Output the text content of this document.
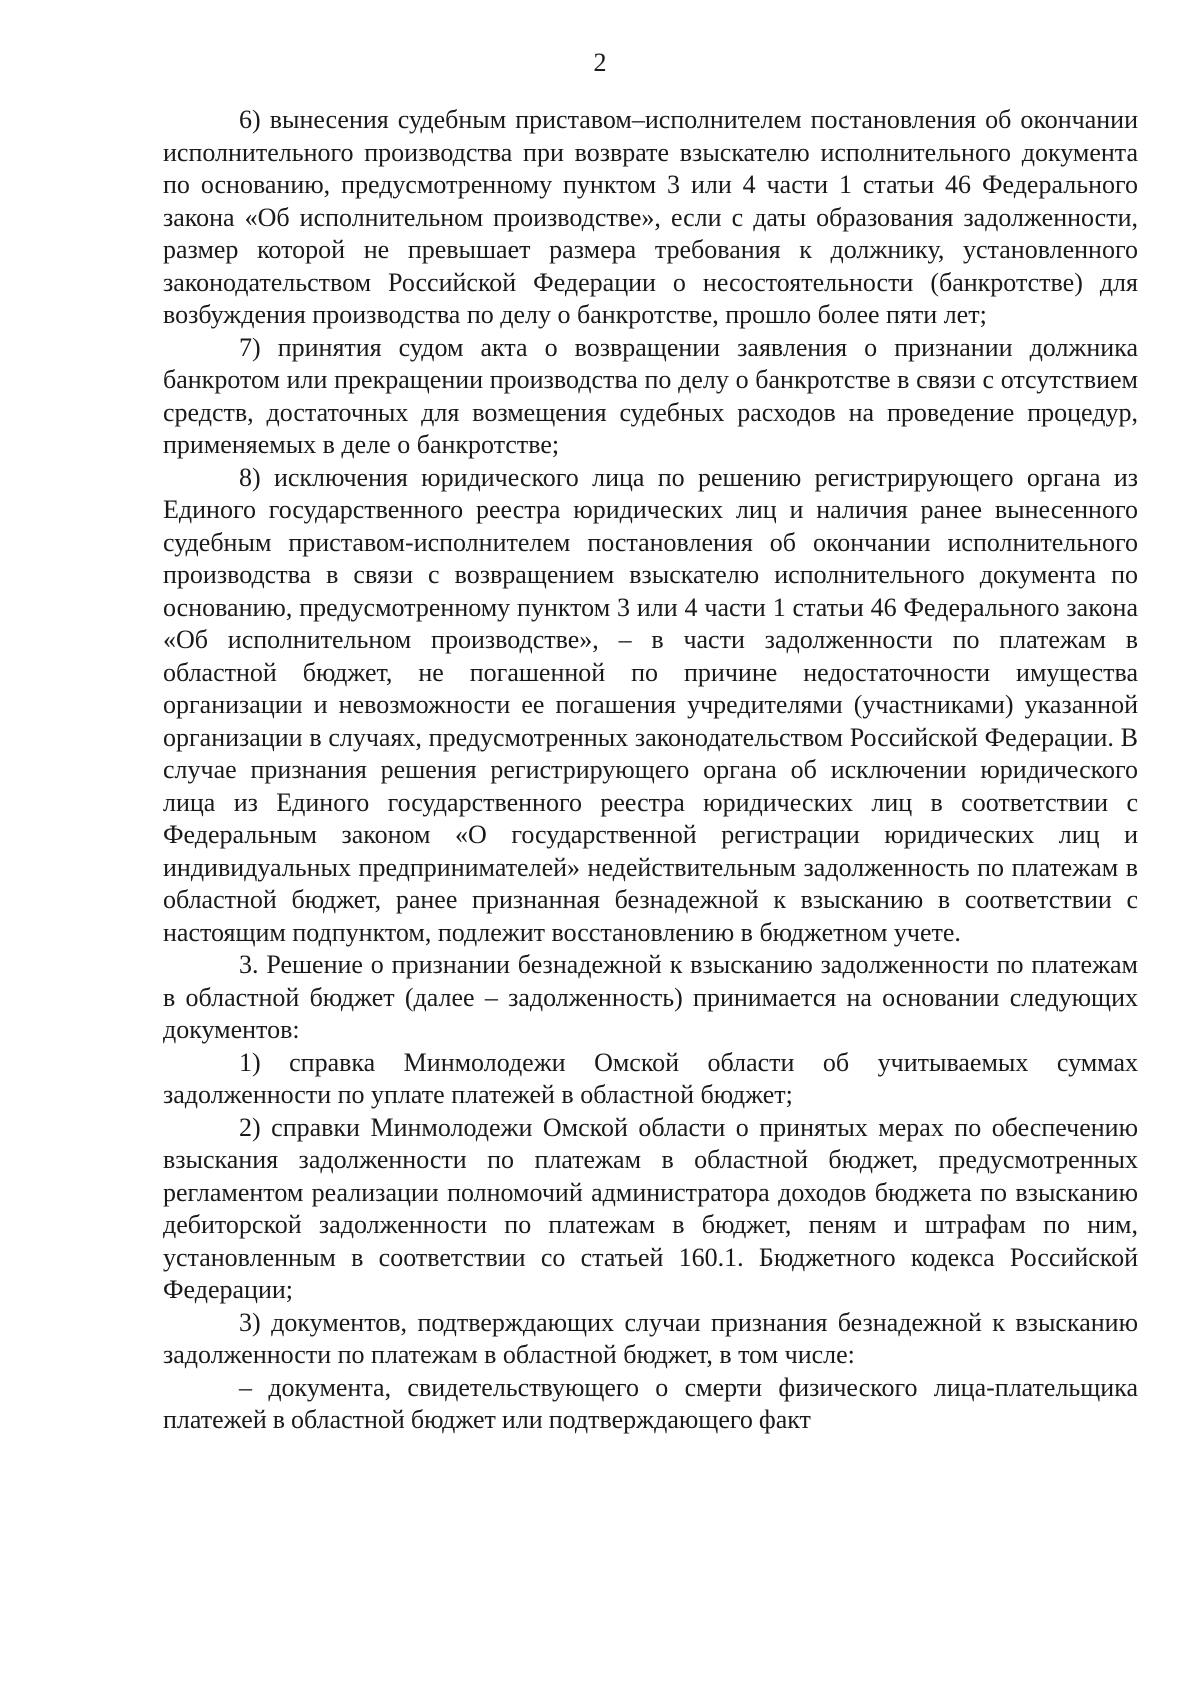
2

6) вынесения судебным приставом–исполнителем постановления об окончании исполнительного производства при возврате взыскателю исполнительного документа по основанию, предусмотренному пунктом 3 или 4 части 1 статьи 46 Федерального закона «Об исполнительном производстве», если с даты образования задолженности, размер которой не превышает размера требования к должнику, установленного законодательством Российской Федерации о несостоятельности (банкротстве) для возбуждения производства по делу о банкротстве, прошло более пяти лет;

7) принятия судом акта о возвращении заявления о признании должника банкротом или прекращении производства по делу о банкротстве в связи с отсутствием средств, достаточных для возмещения судебных расходов на проведение процедур, применяемых в деле о банкротстве;

8) исключения юридического лица по решению регистрирующего органа из Единого государственного реестра юридических лиц и наличия ранее вынесенного судебным приставом-исполнителем постановления об окончании исполнительного производства в связи с возвращением взыскателю исполнительного документа по основанию, предусмотренному пунктом 3 или 4 части 1 статьи 46 Федерального закона «Об исполнительном производстве», – в части задолженности по платежам в областной бюджет, не погашенной по причине недостаточности имущества организации и невозможности ее погашения учредителями (участниками) указанной организации в случаях, предусмотренных законодательством Российской Федерации. В случае признания решения регистрирующего органа об исключении юридического лица из Единого государственного реестра юридических лиц в соответствии с Федеральным законом «О государственной регистрации юридических лиц и индивидуальных предпринимателей» недействительным задолженность по платежам в областной бюджет, ранее признанная безнадежной к взысканию в соответствии с настоящим подпунктом, подлежит восстановлению в бюджетном учете.

3. Решение о признании безнадежной к взысканию задолженности по платежам в областной бюджет (далее – задолженность) принимается на основании следующих документов:

1) справка Минмолодежи Омской области об учитываемых суммах задолженности по уплате платежей в областной бюджет;

2) справки Минмолодежи Омской области о принятых мерах по обеспечению взыскания задолженности по платежам в областной бюджет, предусмотренных регламентом реализации полномочий администратора доходов бюджета по взысканию дебиторской задолженности по платежам в бюджет, пеням и штрафам по ним, установленным в соответствии со статьей 160.1. Бюджетного кодекса Российской Федерации;

3) документов, подтверждающих случаи признания безнадежной к взысканию задолженности по платежам в областной бюджет, в том числе:

– документа, свидетельствующего о смерти физического лица-плательщика платежей в областной бюджет или подтверждающего факт
